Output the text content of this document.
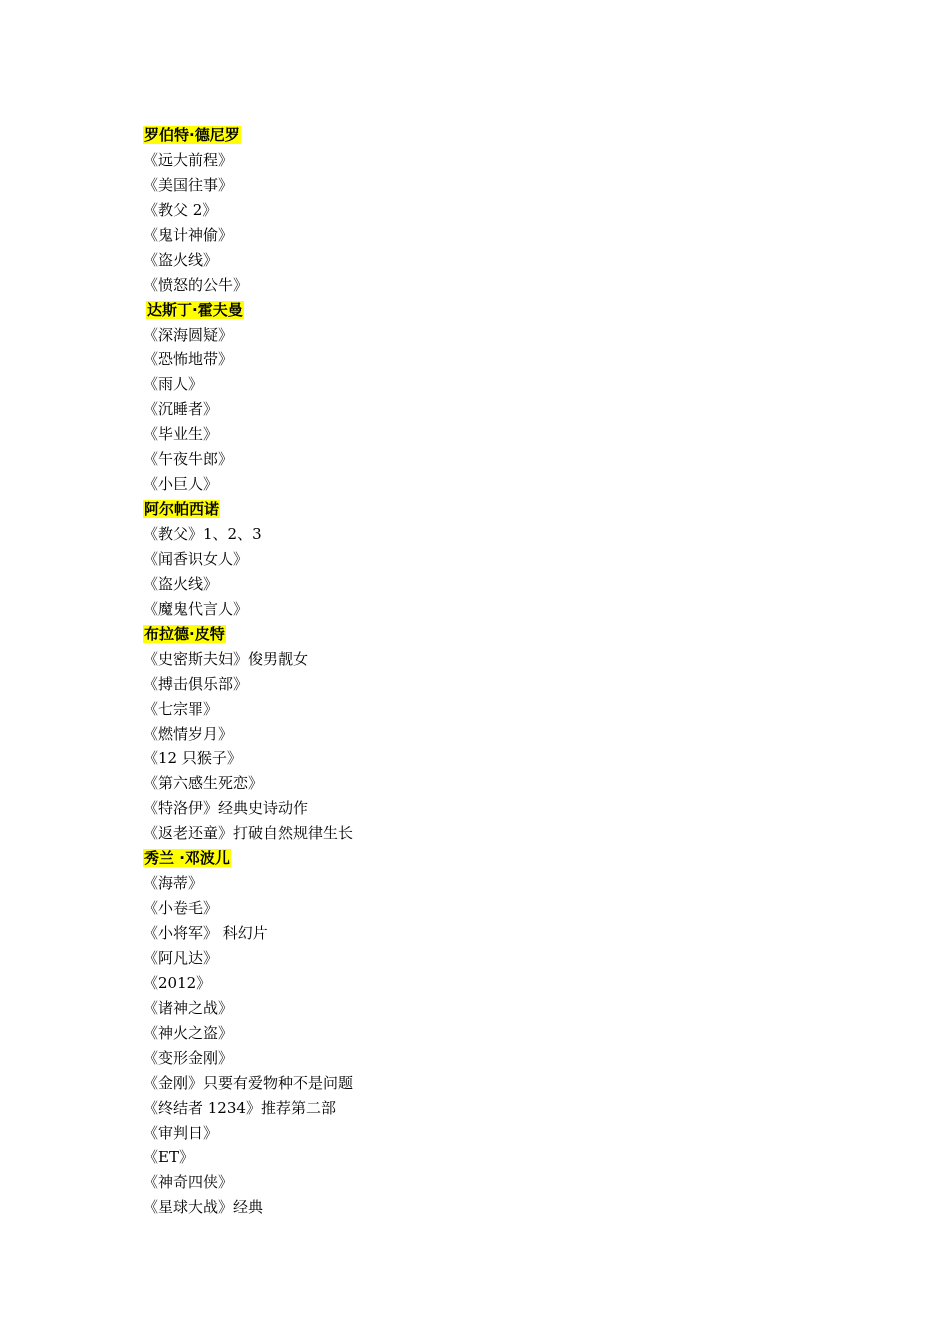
罗伯特·德尼罗
《远大前程》
《美国往事》
《教父 2》
《鬼计神偷》
《盗火线》
《愤怒的公牛》
达斯丁·霍夫曼
《深海圆疑》
《恐怖地带》
《雨人》
《沉睡者》
《毕业生》
《午夜牛郎》
《小巨人》
阿尔帕西诺
《教父》1、2、3
《闻香识女人》
《盗火线》
《魔鬼代言人》
布拉德·皮特
《史密斯夫妇》俊男靓女
《搏击俱乐部》
《七宗罪》
《燃情岁月》
《12 只猴子》
《第六感生死恋》
《特洛伊》经典史诗动作
《返老还童》打破自然规律生长
秀兰 ·邓波儿
《海蒂》
《小卷毛》
《小将军》 科幻片
《阿凡达》
《2012》
《诸神之战》
《神火之盗》
《变形金刚》
《金刚》只要有爱物种不是问题
《终结者 1234》推荐第二部
《审判日》
《ET》
《神奇四侠》
《星球大战》经典
